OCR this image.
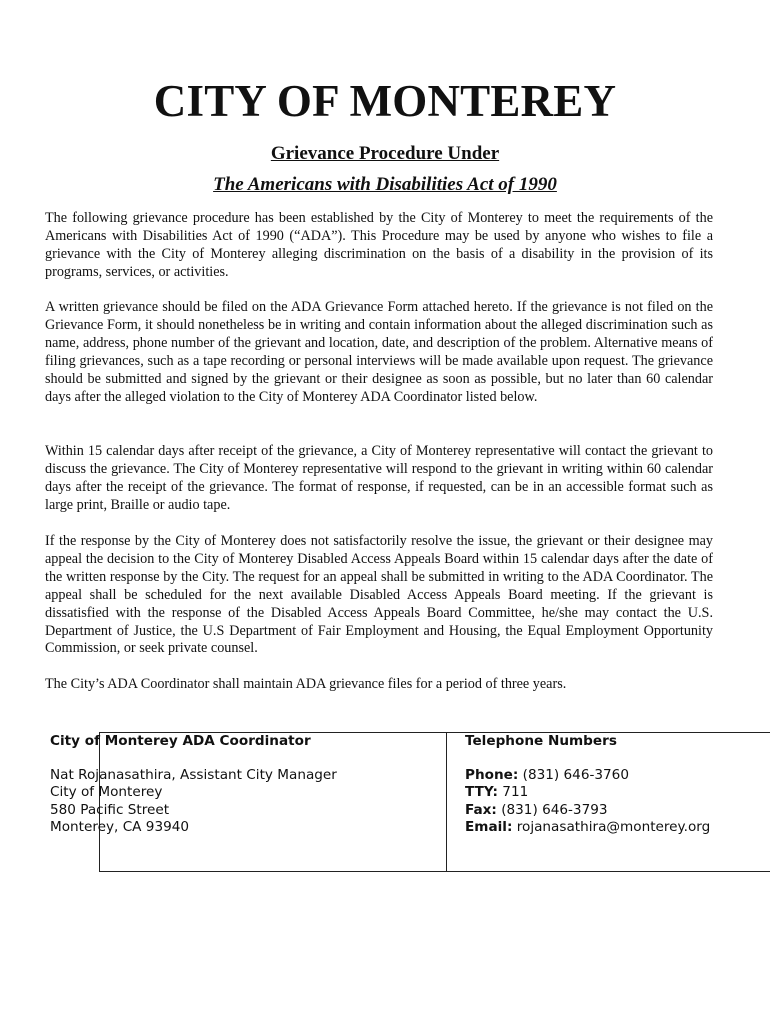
CITY OF MONTEREY
Grievance Procedure Under
The Americans with Disabilities Act of 1990

The following grievance procedure has been established by the City of Monterey to meet the requirements of the Americans with Disabilities Act of 1990 (“ADA”). This Procedure may be used by anyone who wishes to file a grievance with the City of Monterey alleging discrimination on the basis of a disability in the provision of its programs, services, or activities.

A written grievance should be filed on the ADA Grievance Form attached hereto. If the grievance is not filed on the Grievance Form, it should nonetheless be in writing and contain information about the alleged discrimination such as name, address, phone number of the grievant and location, date, and description of the problem. Alternative means of filing grievances, such as a tape recording or personal interviews will be made available upon request. The grievance should be submitted and signed by the grievant or their designee as soon as possible, but no later than 60 calendar days after the alleged violation to the City of Monterey ADA Coordinator listed below.

Within 15 calendar days after receipt of the grievance, a City of Monterey representative will contact the grievant to discuss the grievance. The City of Monterey representative will respond to the grievant in writing within 60 calendar days after the receipt of the grievance. The format of response, if requested, can be in an accessible format such as large print, Braille or audio tape.

If the response by the City of Monterey does not satisfactorily resolve the issue, the grievant or their designee may appeal the decision to the City of Monterey Disabled Access Appeals Board within 15 calendar days after the date of the written response by the City. The request for an appeal shall be submitted in writing to the ADA Coordinator. The appeal shall be scheduled for the next available Disabled Access Appeals Board meeting. If the grievant is dissatisfied with the response of the Disabled Access Appeals Board Committee, he/she may contact the U.S. Department of Justice, the U.S Department of Fair Employment and Housing, the Equal Employment Opportunity Commission, or seek private counsel.

The City’s ADA Coordinator shall maintain ADA grievance files for a period of three years.

City of Monterey ADA Coordinator
Nat Rojanasathira, Assistant City Manager
City of Monterey
580 Pacific Street
Monterey, CA 93940
Telephone Numbers
Phone: (831) 646-3760
TTY: 711
Fax: (831) 646-3793
Email: rojanasathira@monterey.org
